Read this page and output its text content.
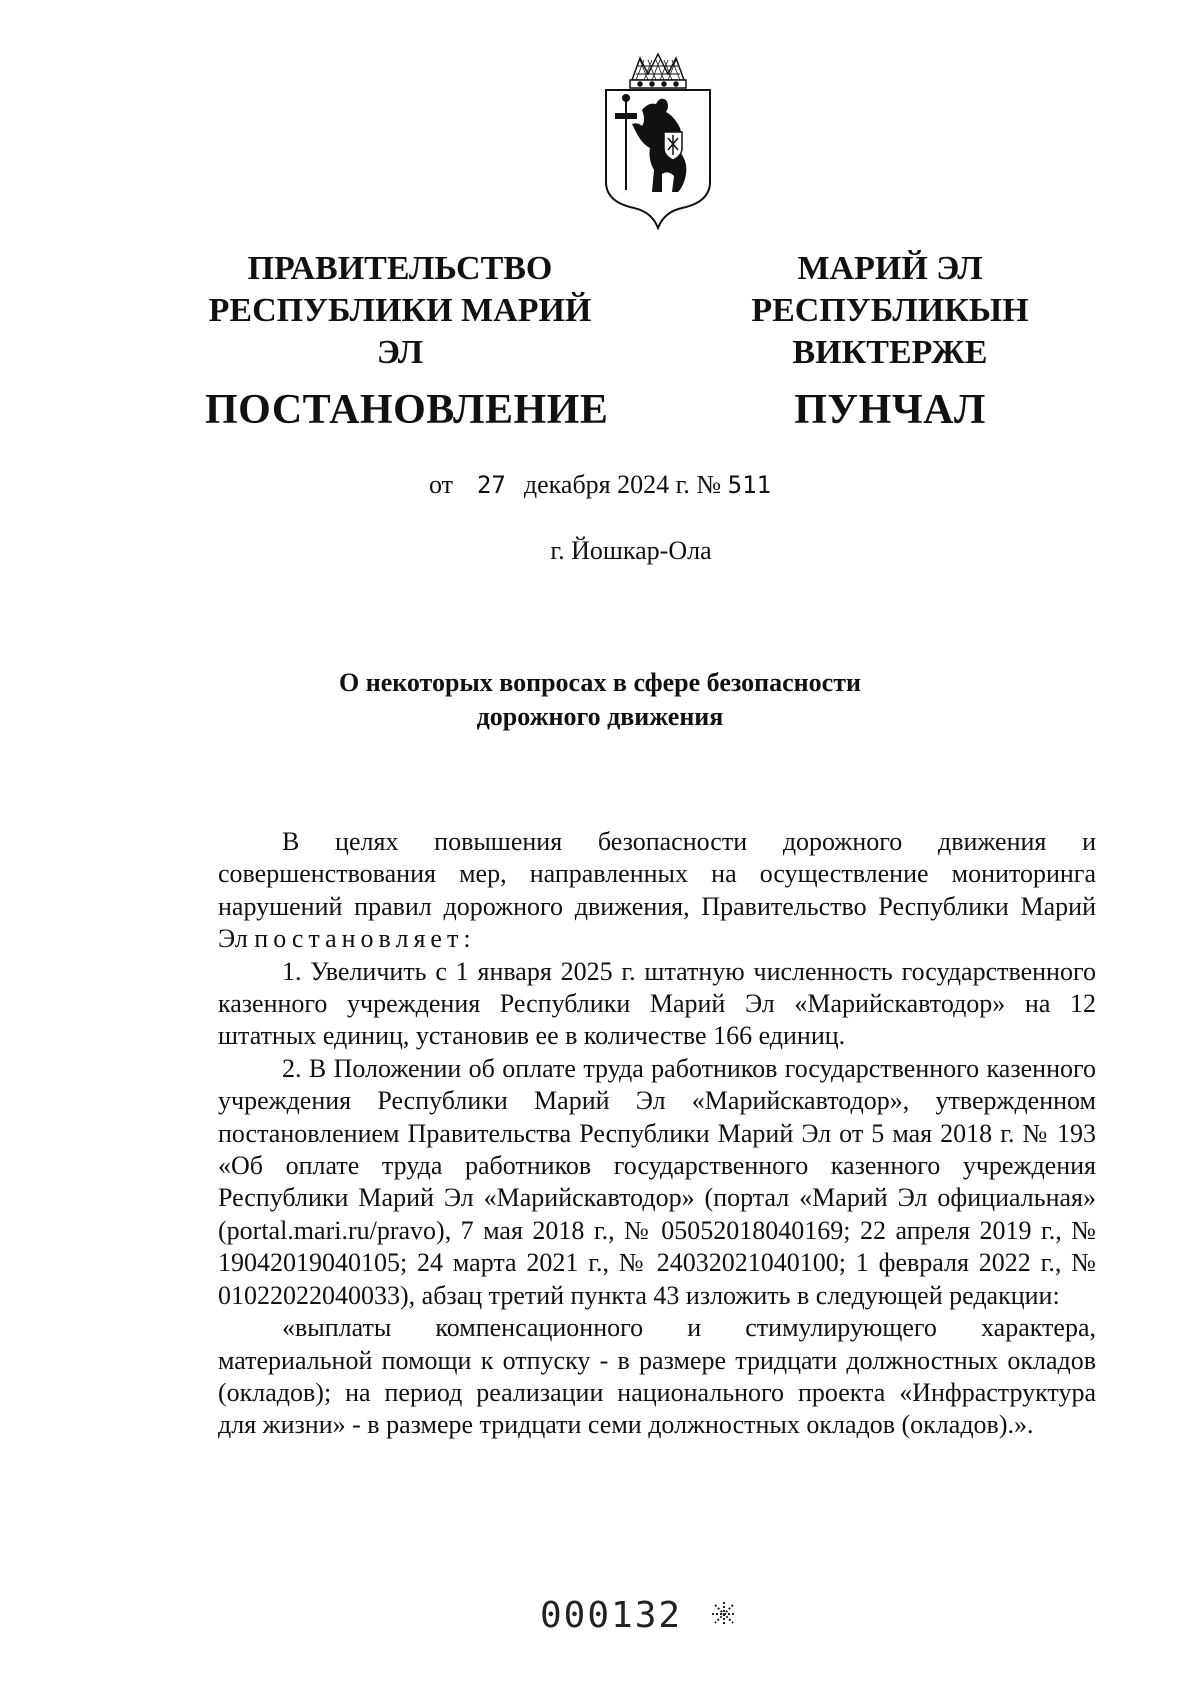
ПРАВИТЕЛЬСТВО
РЕСПУБЛИКИ МАРИЙ ЭЛ
ПОСТАНОВЛЕНИЕ
МАРИЙ ЭЛ РЕСПУБЛИКЫН
ВИКТЕРЖЕ
ПУНЧАЛ
от 27 декабря 2024 г. № 511
г. Йошкар-Ола
О некоторых вопросах в сфере безопасности
дорожного движения

В целях повышения безопасности дорожного движения и совершенствования мер, направленных на осуществление мониторинга нарушений правил дорожного движения, Правительство Республики Марий Эл постановляет:

1. Увеличить с 1 января 2025 г. штатную численность государственного казенного учреждения Республики Марий Эл «Марийскавтодор» на 12 штатных единиц, установив ее в количестве 166 единиц.

2. В Положении об оплате труда работников государственного казенного учреждения Республики Марий Эл «Марийскавтодор», утвержденном постановлением Правительства Республики Марий Эл от 5 мая 2018 г. № 193 «Об оплате труда работников государственного казенного учреждения Республики Марий Эл «Марийскавтодор» (портал «Марий Эл официальная» (portal.mari.ru/pravo), 7 мая 2018 г., № 05052018040169; 22 апреля 2019 г., № 19042019040105; 24 марта 2021 г., № 24032021040100; 1 февраля 2022 г., № 01022022040033), абзац третий пункта 43 изложить в следующей редакции:

«выплаты компенсационного и стимулирующего характера, материальной помощи к отпуску - в размере тридцати должностных окладов (окладов); на период реализации национального проекта «Инфраструктура для жизни» - в размере тридцати семи должностных окладов (окладов).».

000132
